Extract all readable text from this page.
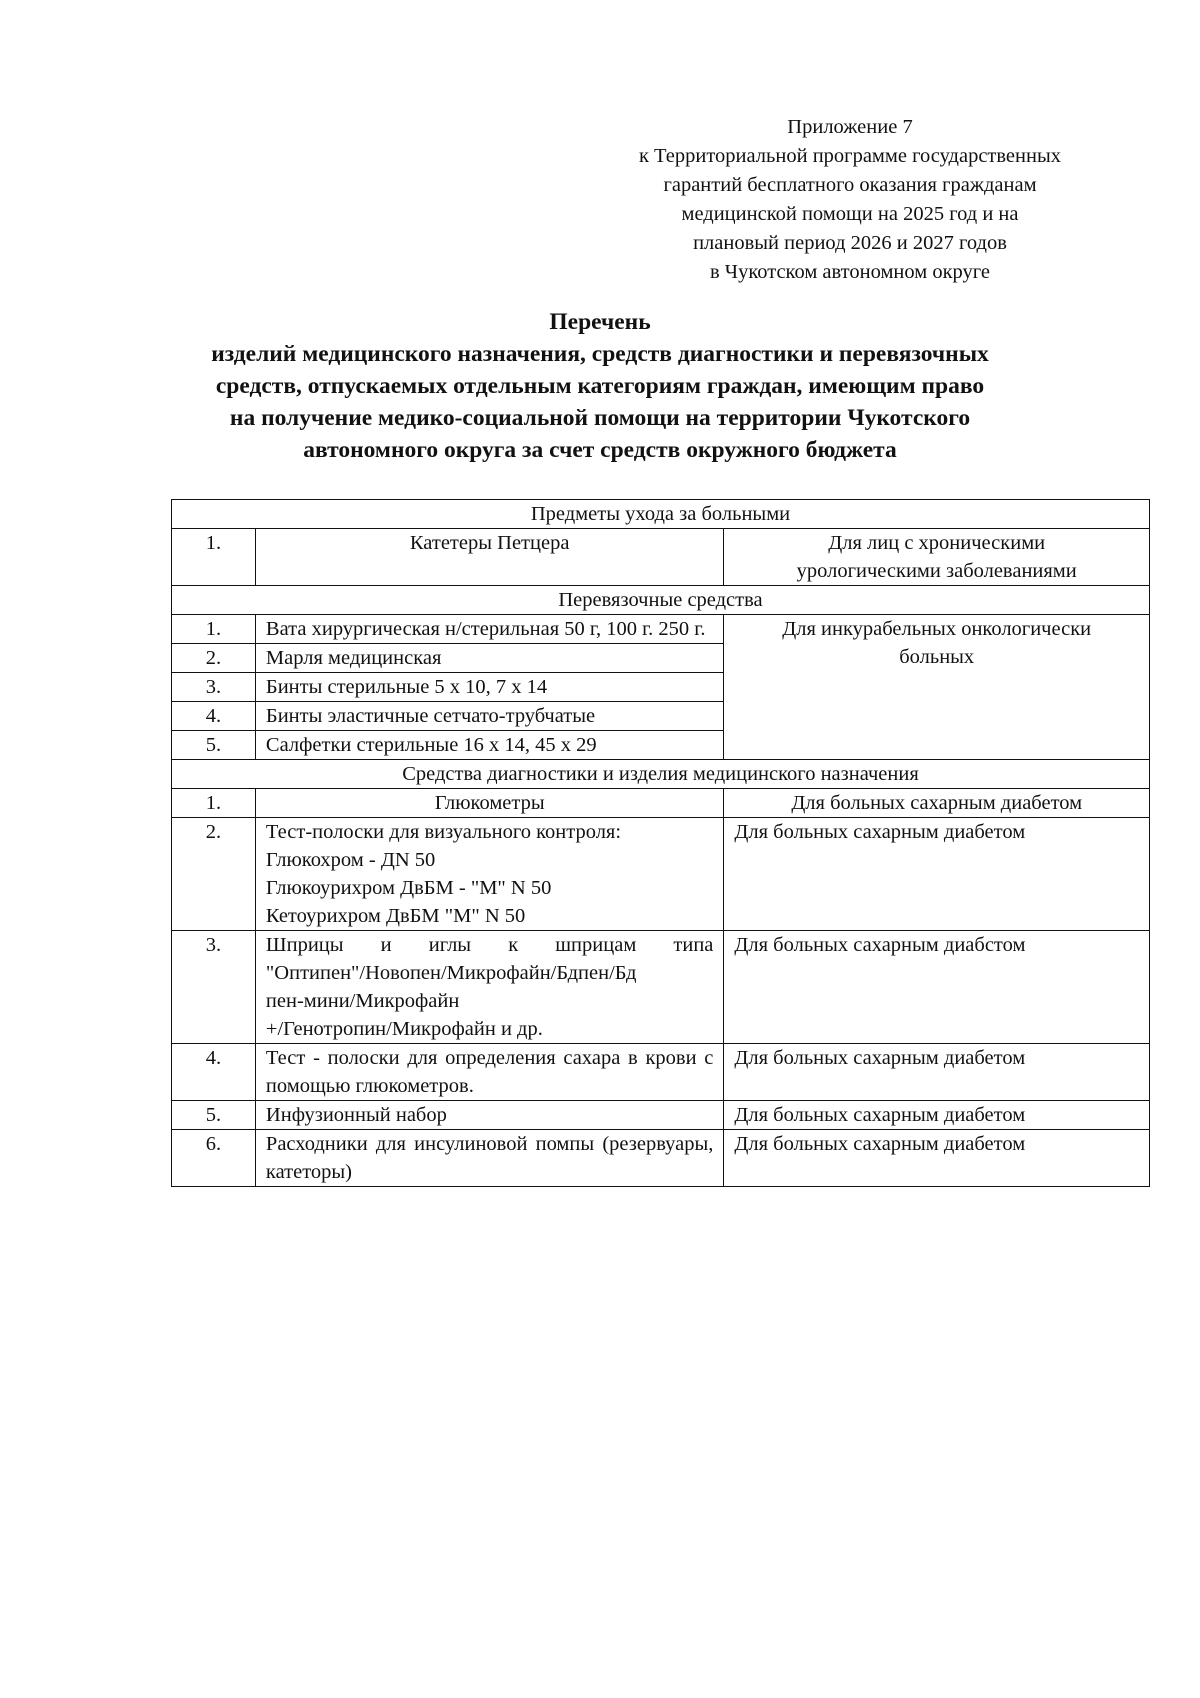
Приложение 7
к Территориальной программе государственных
гарантий бесплатного оказания гражданам
медицинской помощи на 2025 год и на
плановый период 2026 и 2027 годов
в Чукотском автономном округе
Перечень
изделий медицинского назначения, средств диагностики и перевязочных
средств, отпускаемых отдельным категориям граждан, имеющим право
на получение медико-социальной помощи на территории Чукотского
автономного округа за счет средств окружного бюджета
Предметы ухода за больными		
1.	Катетеры Петцера	Для лиц с хроническими
урологическими заболеваниями

Перевязочные средства		
1.	Вата хирургическая н/стерильная 50 г, 100 г. 250 г.	Для инкурабельных онкологически
больных

2.	Марля медицинская	
3.	Бинты стерильные 5 х 10, 7 х 14	
4.	Бинты эластичные сетчато-трубчатые	
5.	Салфетки стерильные 16 х 14, 45 х 29	
Средства диагностики и изделия медицинского назначения		
1.	Глюкометры	Для больных сахарным диабетом
2.	Тест-полоски для визуального контроля:
Глюкохром - ДN 50
Глюкоурихром ДвБМ - "М" N 50
Кетоурихром ДвБМ "М" N 50	Для больных сахарным диабетом
3.	Шприцы и иглы к шприцам типа
"Оптипен"/Новопен/Микрофайн/Бдпен/Бд
пен-мини/Микрофайн
+/Генотропин/Микрофайн и др.	Для больных сахарным диабстом
4.	Тест - полоски для определения сахара в крови с помощью глюкометров.	Для больных сахарным диабетом
5.	Инфузионный набор	Для больных сахарным диабетом
6.	Расходники для инсулиновой помпы (резервуары, катеторы)	Для больных сахарным диабетом
